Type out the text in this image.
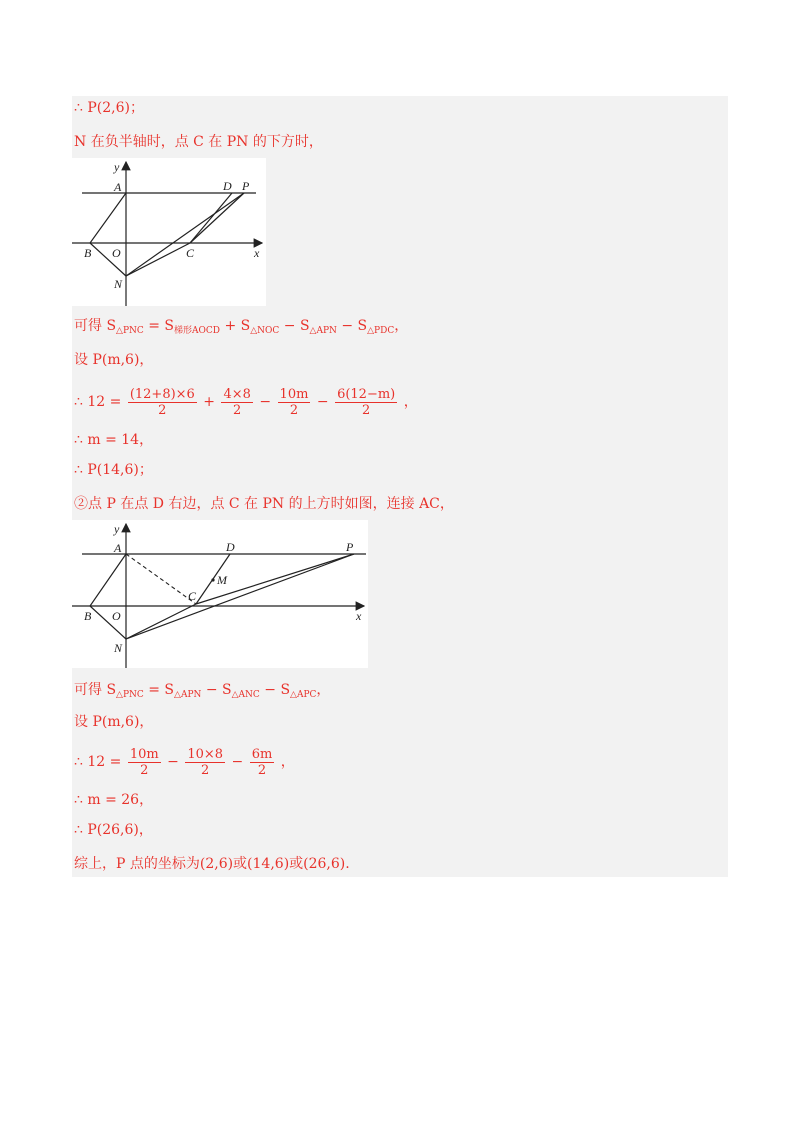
∴ P(2,6)；
N 在负半轴时，点 C 在 PN 的下方时，
y
x
A	D P
B O	C
N
可得 $S_{\triangle PNC} = S_{梯形AOCD} + S_{\triangle NOC} - S_{\triangle APN} - S_{\triangle PDC}$，
设 P(m,6)，
∴ $12 = \frac{(12+8)\times 6}{2} + \frac{4\times 8}{2} - \frac{10m}{2} - \frac{6(12-m)}{2}$ ，
∴ m = 14，
∴ P(14,6)；
②点 P 在点 D 右边，点 C 在 PN 的上方时如图，连接 AC，
y
x
A	D	P
M
B O
C
N
可得 $S_{\triangle PNC} = S_{\triangle APN} - S_{\triangle ANC} - S_{\triangle APC}$，
设 P(m,6)，
∴ $12 = \frac{10m}{2} - \frac{10\times 8}{2} - \frac{6m}{2}$ ，
∴ m = 26，
∴ P(26,6)，
综上，P 点的坐标为(2,6)或(14,6)或(26,6).
